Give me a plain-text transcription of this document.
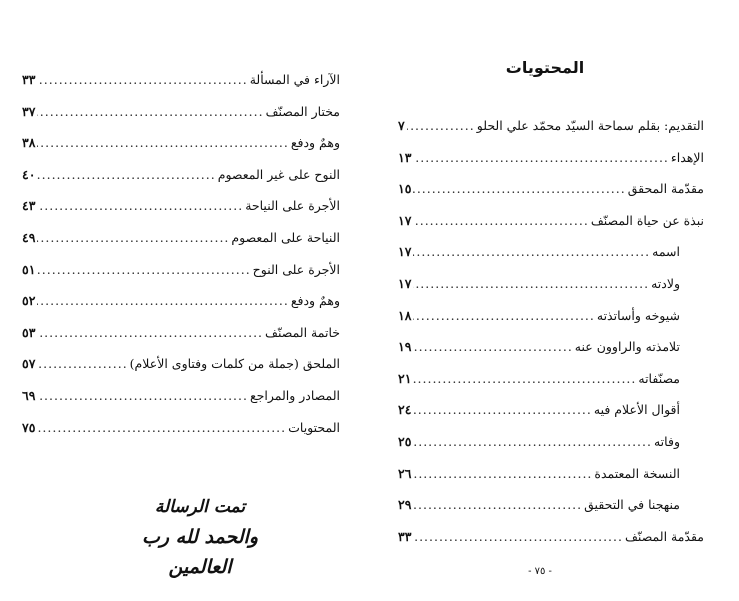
المحتويات
التقديم: بقلم سماحة السيّد محمّد علي الحلو
.....
٧
الإهداء
.....
١٣
مقدّمة المحقق
.....
١٥
نبذة عن حياة المصنّف
.....
١٧
اسمه
.....
١٧
ولادته
.....
١٧
شيوخه وأساتذته
.....
١٨
تلامذته والراوون عنه
.....
١٩
مصنّفاته
.....
٢١
أقوال الأعلام فيه
.....
٢٤
وفاته
.....
٢٥
النسخة المعتمدة
.....
٢٦
منهجنا في التحقيق
.....
٢٩
مقدّمة المصنّف
.....
٣٣
الآراء في المسألة
.....
٣٣
مختار المصنّف
.....
٣٧
وهمٌ ودفع
.....
٣٨
النوح على غير المعصوم
.....
٤٠
الأجرة على النياحة
.....
٤٣
النياحة على المعصوم
.....
٤٩
الأجرة على النوح
.....
٥١
وهمٌ ودفع
.....
٥٢
خاتمة المصنّف
.....
٥٣
الملحق (جملة من كلمات وفتاوى الأعلام)
.....
٥٧
المصادر والمراجع
.....
٦٩
المحتويات
.....
٧٥
تمت الرسالة
والحمد لله رب العالمين	- ٧٥ -
